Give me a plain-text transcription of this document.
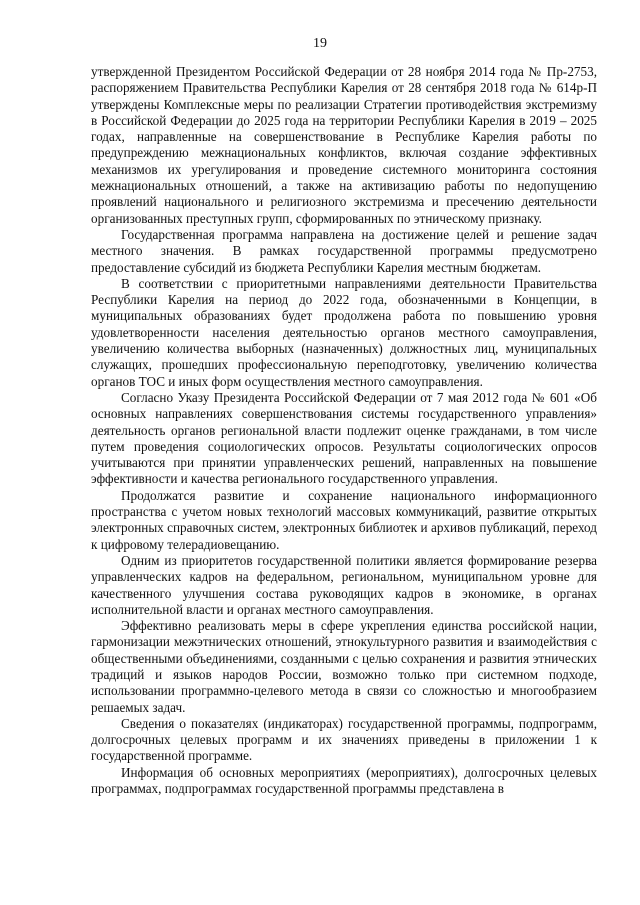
19

утвержденной Президентом Российской Федерации от 28 ноября 2014 года № Пр-2753, распоряжением Правительства Республики Карелия от 28 сентября 2018 года № 614р-П утверждены Комплексные меры по реализации Стратегии противодействия экстремизму в Российской Федерации до 2025 года на территории Республики Карелия в 2019 – 2025 годах, направленные на совершенствование в Республике Карелия работы по предупреждению межнациональных конфликтов, включая создание эффективных механизмов их урегулирования и проведение системного мониторинга состояния межнациональных отношений, а также на активизацию работы по недопущению проявлений национального и религиозного экстремизма и пресечению деятельности организованных преступных групп, сформированных по этническому признаку.

Государственная программа направлена на достижение целей и решение задач местного значения. В рамках государственной программы предусмотрено предоставление субсидий из бюджета Республики Карелия местным бюджетам.

В соответствии с приоритетными направлениями деятельности Правительства Республики Карелия на период до 2022 года, обозначенными в Концепции, в муниципальных образованиях будет продолжена работа по повышению уровня удовлетворенности населения деятельностью органов местного самоуправления, увеличению количества выборных (назначенных) должностных лиц, муниципальных служащих, прошедших профессиональную переподготовку, увеличению количества органов ТОС и иных форм осуществления местного самоуправления.

Согласно Указу Президента Российской Федерации от 7 мая 2012 года № 601 «Об основных направлениях совершенствования системы государственного управления» деятельность органов региональной власти подлежит оценке гражданами, в том числе путем проведения социологических опросов. Результаты социологических опросов учитываются при принятии управленческих решений, направленных на повышение эффективности и качества регионального государственного управления.

Продолжатся развитие и сохранение национального информационного пространства с учетом новых технологий массовых коммуникаций, развитие открытых электронных справочных систем, электронных библиотек и архивов публикаций, переход к цифровому телерадиовещанию.

Одним из приоритетов государственной политики является формирование резерва управленческих кадров на федеральном, региональном, муниципальном уровне для качественного улучшения состава руководящих кадров в экономике, в органах исполнительной власти и органах местного самоуправления.

Эффективно реализовать меры в сфере укрепления единства российской нации, гармонизации межэтнических отношений, этнокультурного развития и взаимодействия с общественными объединениями, созданными с целью сохранения и развития этнических традиций и языков народов России, возможно только при системном подходе, использовании программно-целевого метода в связи со сложностью и многообразием решаемых задач.

Сведения о показателях (индикаторах) государственной программы, подпрограмм, долгосрочных целевых программ и их значениях приведены в приложении 1 к государственной программе.

Информация об основных мероприятиях (мероприятиях), долгосрочных целевых программах, подпрограммах государственной программы представлена в
